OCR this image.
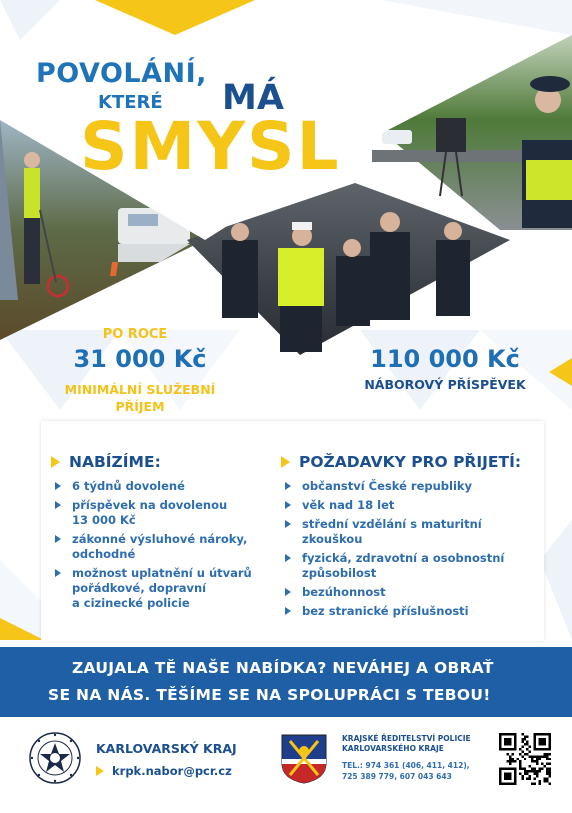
POVOLÁNÍ,
KTERÉ MÁ
SMYSL
PO ROCE
31 000 Kč
MINIMÁLNÍ SLUŽEBNÍ
PŘÍJEM
110 000 Kč
NÁBOROVÝ PŘÍSPĚVEK
NABÍZÍME:
6 týdnů dovolené
příspěvek na dovolenou
13 000 Kč
zákonné výsluhové nároky,
odchodné
možnost uplatnění u útvarů
pořádkové, dopravní
a cizinecké policie
POŽADAVKY PRO PŘIJETÍ:
občanství České republiky
věk nad 18 let
střední vzdělání s maturitní
zkouškou
fyzická, zdravotní a osobnostní
způsobilost
bezúhonnost
bez stranické příslušnosti
ZAUJALA TĚ NAŠE NABÍDKA? NEVÁHEJ A OBRAŤ
SE NA NÁS. TĚŠÍME SE NA SPOLUPRÁCI S TEBOU!
KARLOVARSKÝ KRAJ
krpk.nabor@pcr.cz
KRAJSKÉ ŘEDITELSTVÍ POLICIE
KARLOVARSKÉHO KRAJE
TEL.: 974 361 (406, 411, 412),
725 389 779, 607 043 643
